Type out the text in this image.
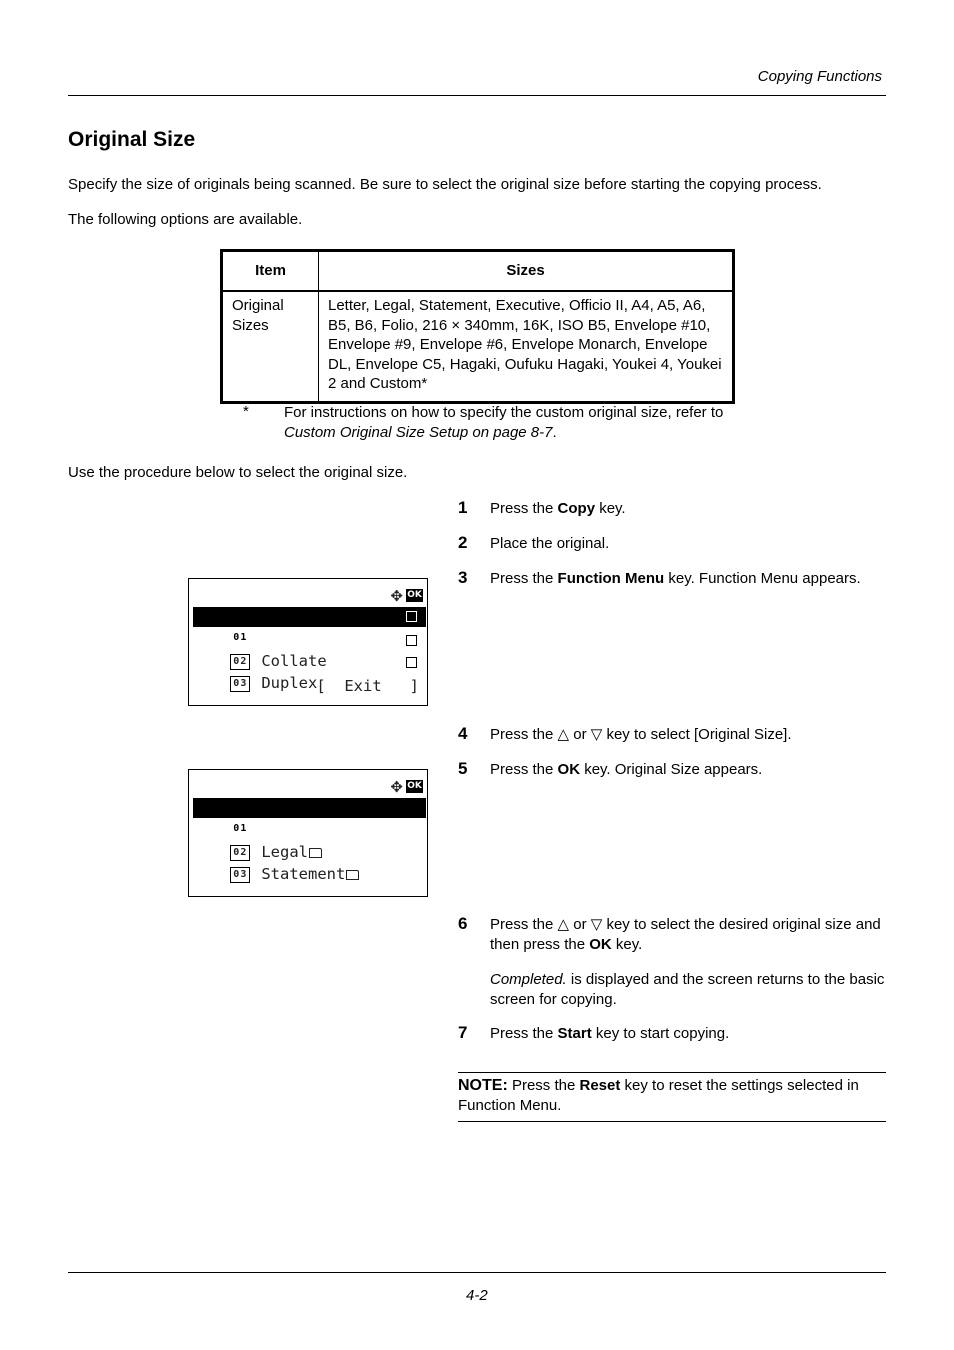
Copying Functions
Original Size
Specify the size of originals being scanned. Be sure to select the original size before starting the copying process.
The following options are available.
Item	Sizes
Original Sizes	Letter, Legal, Statement, Executive, Officio II, A4, A5, A6, B5, B6, Folio, 216 × 340mm, 16K, ISO B5, Envelope #10, Envelope #9, Envelope #6, Envelope Monarch, Envelope DL, Envelope C5, Hagaki, Oufuku Hagaki, Youkei 4, Youkei 2 and Custom*
* For instructions on how to specify the custom original size, refer to Custom Original Size Setup on page 8-7.
Use the procedure below to select the original size.
1 Press the Copy key.
2 Place the original.
3 Press the Function Menu key. Function Menu appears.
4 Press the △ or ▽ key to select [Original Size].
5 Press the OK key. Original Size appears.
6 Press the △ or ▽ key to select the desired original size and then press the OK key.
Completed. is displayed and the screen returns to the basic screen for copying.
7 Press the Start key to start copying.

✥

OK

01 Paper Selection

02 Collate

03 Duplex

[  Exit   ]

✥

OK

01 *Letter

02 Legal

03 Statement

NOTE: Press the Reset key to reset the settings selected in Function Menu.
4-2
